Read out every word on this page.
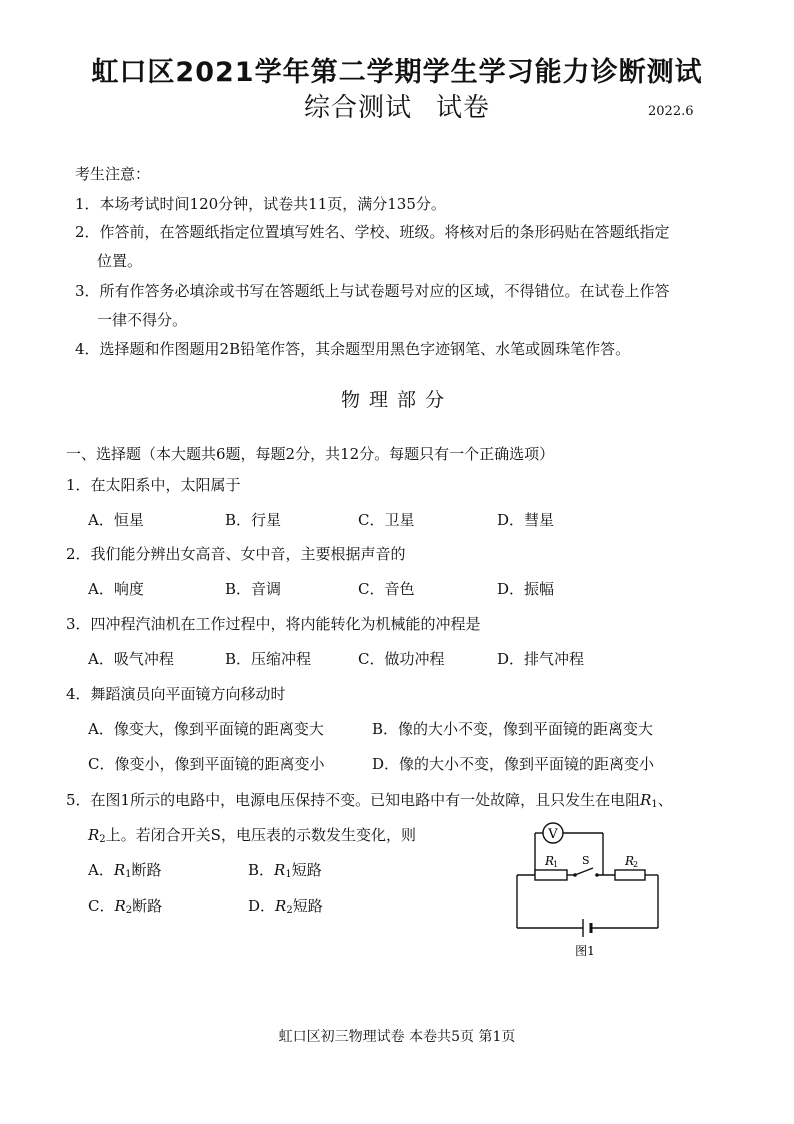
虹口区2021学年第二学期学生学习能力诊断测试
综合测试 试卷	2022.6
考生注意：
1．本场考试时间120分钟，试卷共11页，满分135分。
2．作答前，在答题纸指定位置填写姓名、学校、班级。将核对后的条形码贴在答题纸指定
位置。
3．所有作答务必填涂或书写在答题纸上与试卷题号对应的区域，不得错位。在试卷上作答
一律不得分。
4．选择题和作图题用2B铅笔作答，其余题型用黑色字迹钢笔、水笔或圆珠笔作答。
物理部分
一、选择题（本大题共6题，每题2分，共12分。每题只有一个正确选项）
1．在太阳系中，太阳属于
A．恒星	B．行星	C．卫星	D．彗星
2．我们能分辨出女高音、女中音，主要根据声音的
A．响度	B．音调	C．音色	D．振幅
3．四冲程汽油机在工作过程中，将内能转化为机械能的冲程是
A．吸气冲程	B．压缩冲程	C．做功冲程	D．排气冲程
4．舞蹈演员向平面镜方向移动时
A．像变大，像到平面镜的距离变大	B．像的大小不变，像到平面镜的距离变大
C．像变小，像到平面镜的距离变小	D．像的大小不变，像到平面镜的距离变小
5．在图1所示的电路中，电源电压保持不变。已知电路中有一处故障，且只发生在电阻$R_1$、
$R_2$上。若闭合开关S，电压表的示数发生变化，则
A．$R_1$断路	B．$R_1$短路
C．$R_2$断路	D．$R_2$短路
V
R
1 S	R
2
图1
虹口区初三物理试卷 本卷共5页 第1页
